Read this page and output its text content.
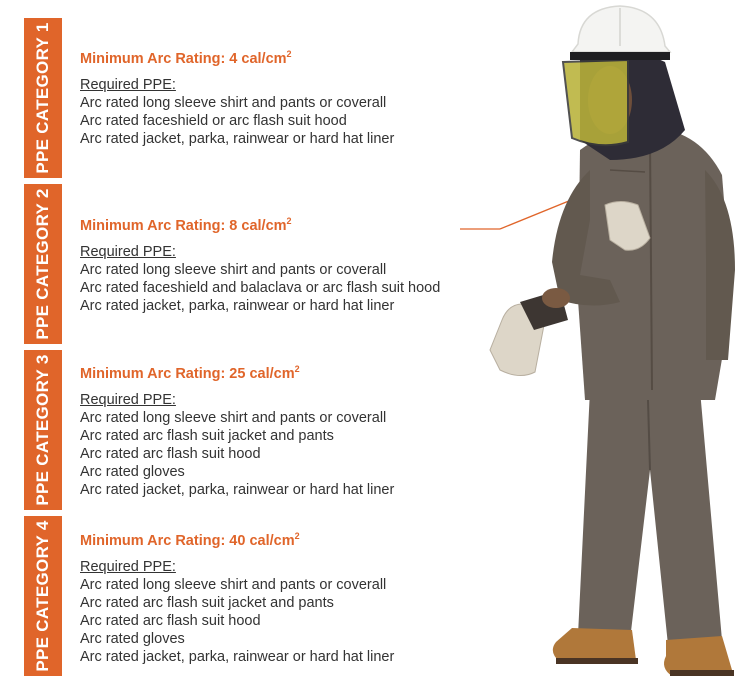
PPE CATEGORY 1
PPE CATEGORY 2
PPE CATEGORY 3
PPE CATEGORY 4
Minimum Arc Rating: 4 cal/$cm^2$
Required PPE:
Arc rated long sleeve shirt and pants or coverall
Arc rated faceshield or arc flash suit hood
Arc rated jacket, parka, rainwear or hard hat liner
Minimum Arc Rating: 8 cal/$cm^2$
Required PPE:
Arc rated long sleeve shirt and pants or coverall
Arc rated faceshield and balaclava or arc flash suit hood
Arc rated jacket, parka, rainwear or hard hat liner
Minimum Arc Rating: 25 cal/$cm^2$
Required PPE:
Arc rated long sleeve shirt and pants or coverall
Arc rated arc flash suit jacket and pants
Arc rated arc flash suit hood
Arc rated gloves
Arc rated jacket, parka, rainwear or hard hat liner
Minimum Arc Rating: 40 cal/$cm^2$
Required PPE:
Arc rated long sleeve shirt and pants or coverall
Arc rated arc flash suit jacket and pants
Arc rated arc flash suit hood
Arc rated gloves
Arc rated jacket, parka, rainwear or hard hat liner
